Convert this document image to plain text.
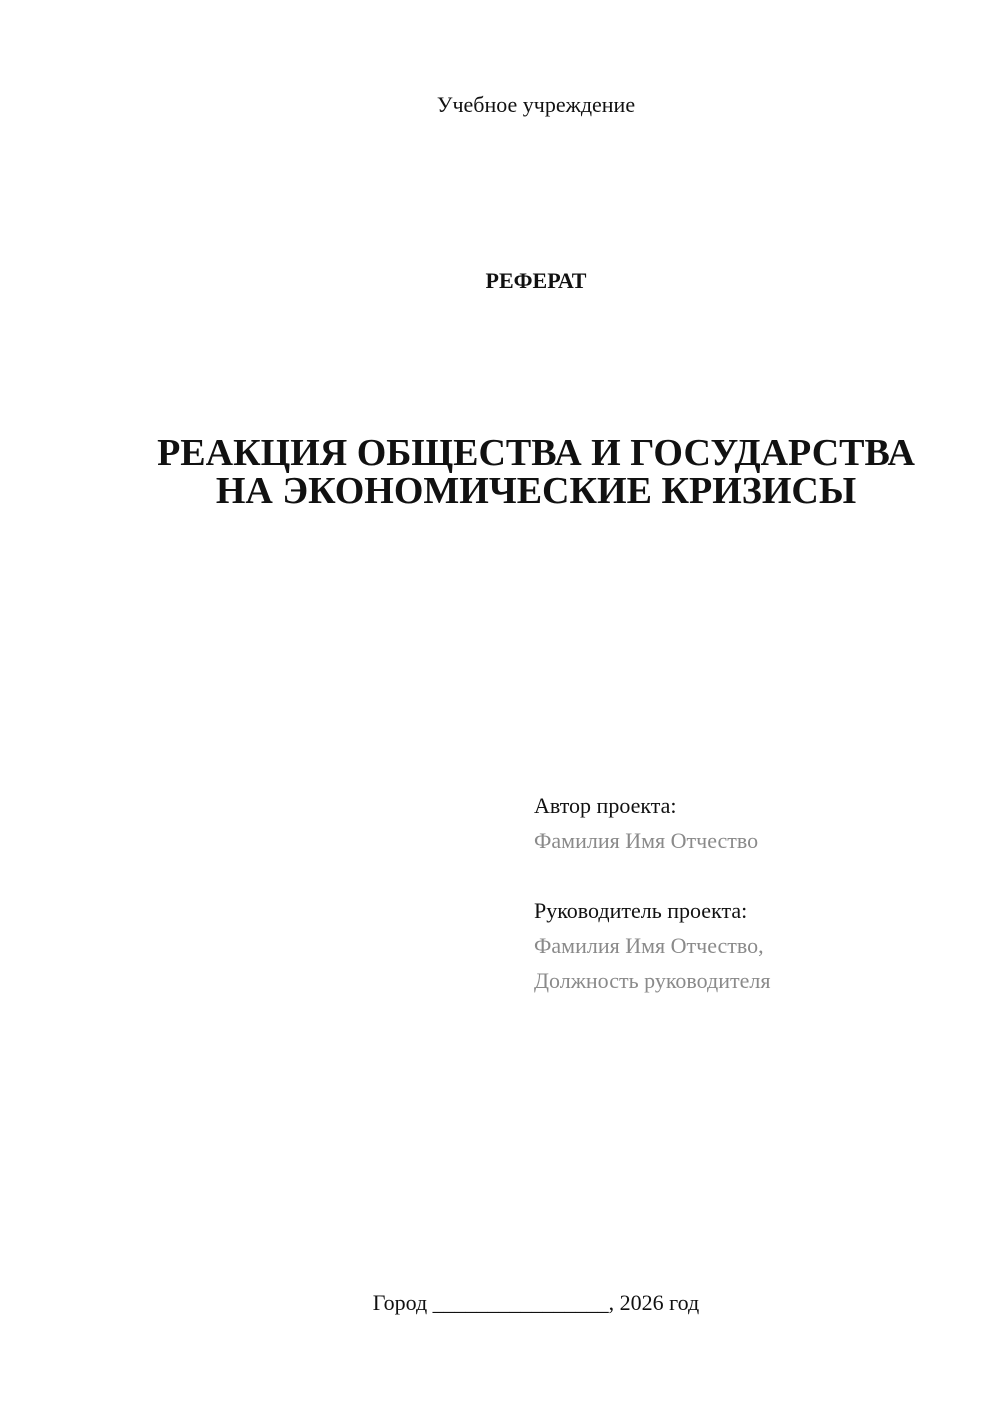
Учебное учреждение
РЕФЕРАТ
РЕАКЦИЯ ОБЩЕСТВА И ГОСУДАРСТВА
НА ЭКОНОМИЧЕСКИЕ КРИЗИСЫ
Автор проекта:
Фамилия Имя Отчество
Руководитель проекта:
Фамилия Имя Отчество,
Должность руководителя
Город ________________, 2026 год
